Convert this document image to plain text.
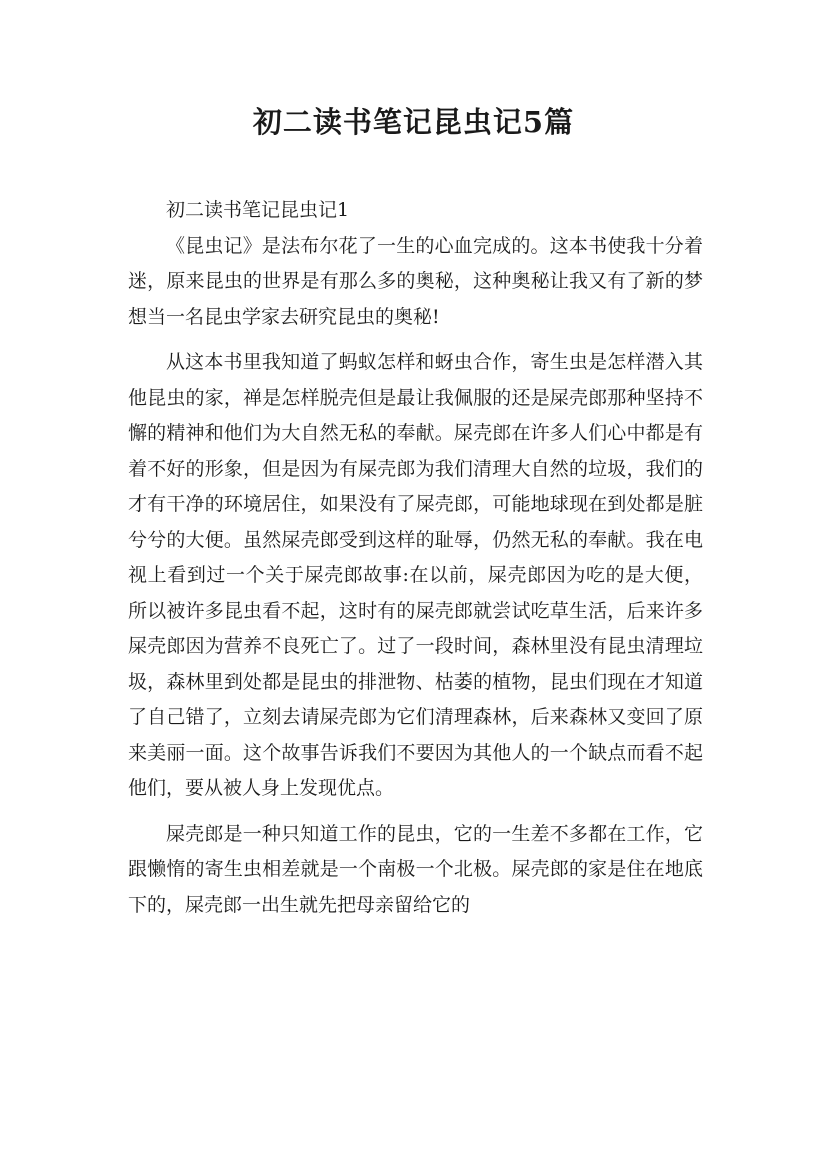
初二读书笔记昆虫记5篇
初二读书笔记昆虫记1

《昆虫记》是法布尔花了一生的心血完成的。这本书使我十分着迷，原来昆虫的世界是有那么多的奥秘，这种奥秘让我又有了新的梦想当一名昆虫学家去研究昆虫的奥秘!

从这本书里我知道了蚂蚁怎样和蚜虫合作，寄生虫是怎样潜入其他昆虫的家，禅是怎样脱壳但是最让我佩服的还是屎壳郎那种坚持不懈的精神和他们为大自然无私的奉献。屎壳郎在许多人们心中都是有着不好的形象，但是因为有屎壳郎为我们清理大自然的垃圾，我们的才有干净的环境居住，如果没有了屎壳郎，可能地球现在到处都是脏兮兮的大便。虽然屎壳郎受到这样的耻辱，仍然无私的奉献。我在电视上看到过一个关于屎壳郎故事:在以前，屎壳郎因为吃的是大便，所以被许多昆虫看不起，这时有的屎壳郎就尝试吃草生活，后来许多屎壳郎因为营养不良死亡了。过了一段时间，森林里没有昆虫清理垃圾，森林里到处都是昆虫的排泄物、枯萎的植物，昆虫们现在才知道了自己错了，立刻去请屎壳郎为它们清理森林，后来森林又变回了原来美丽一面。这个故事告诉我们不要因为其他人的一个缺点而看不起他们，要从被人身上发现优点。

屎壳郎是一种只知道工作的昆虫，它的一生差不多都在工作，它跟懒惰的寄生虫相差就是一个南极一个北极。屎壳郎的家是住在地底下的，屎壳郎一出生就先把母亲留给它的
